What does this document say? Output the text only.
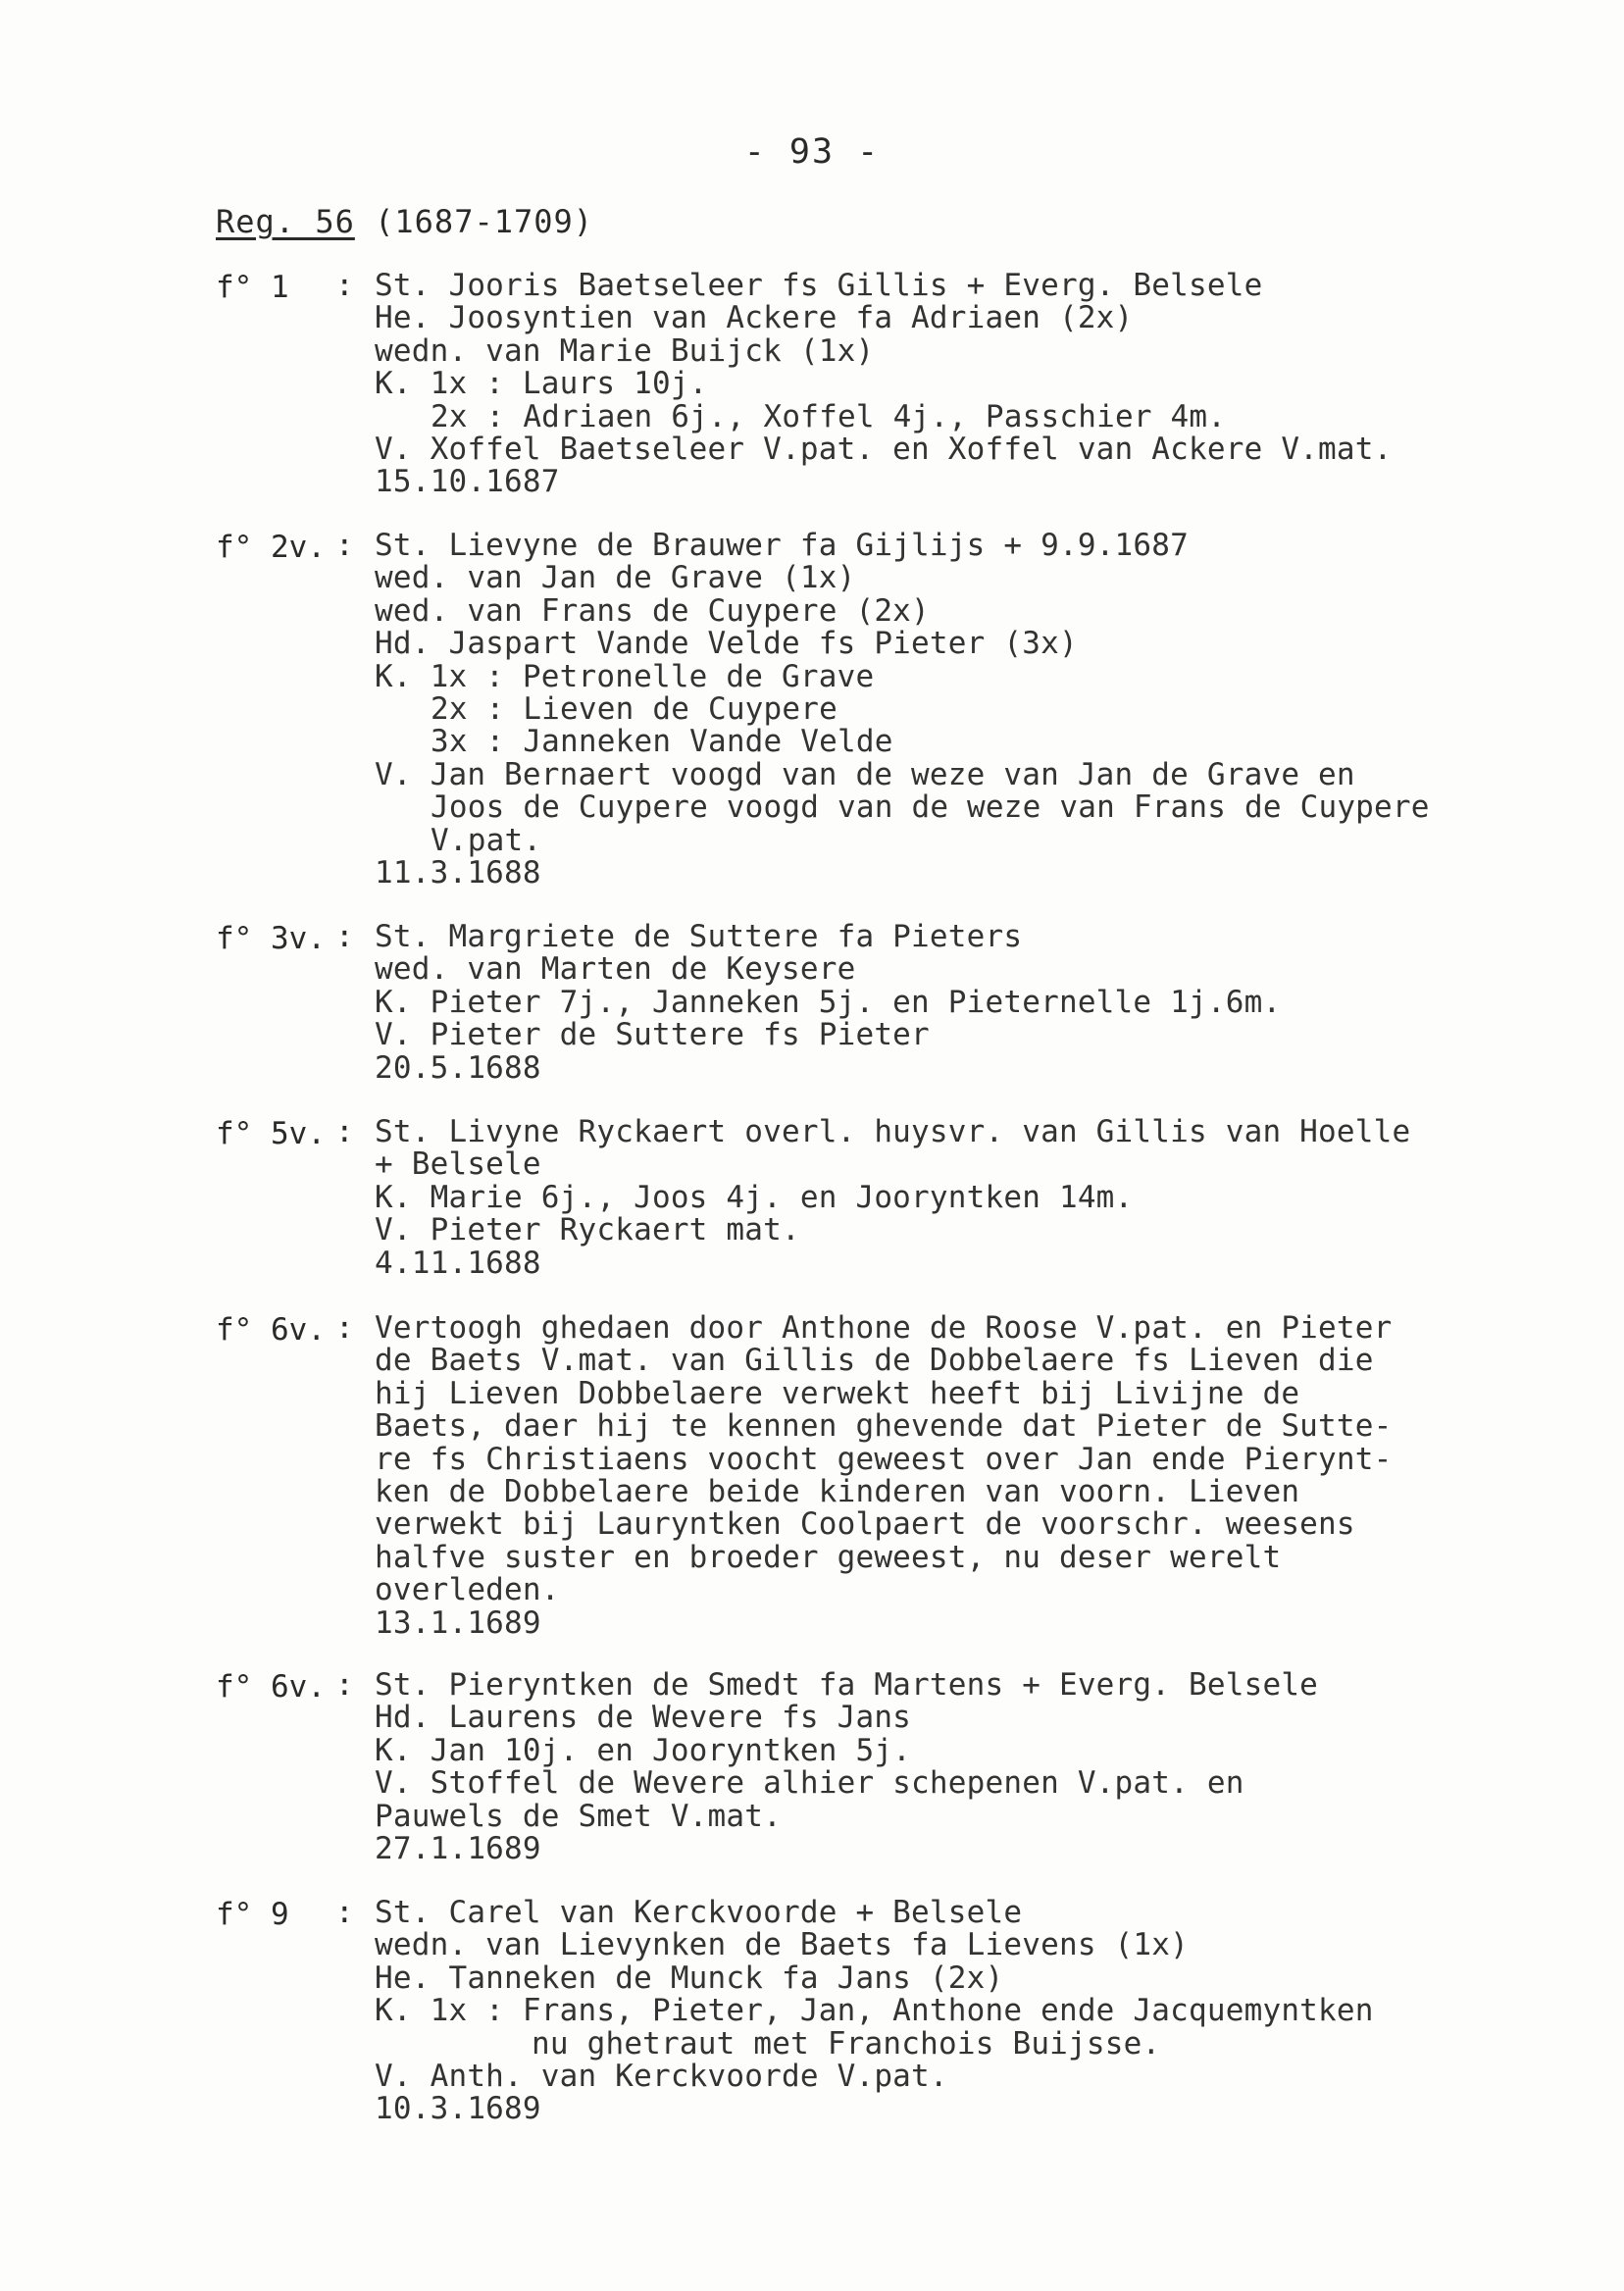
- 93 -
Reg. 56 (1687-1709)
f° 1 : St. Jooris Baetseleer fs Gillis + Everg. Belsele
He. Joosyntien van Ackere fa Adriaen (2x)
wedn. van Marie Buijck (1x)
K. 1x : Laurs 10j.
2x : Adriaen 6j., Xoffel 4j., Passchier 4m.
V. Xoffel Baetseleer V.pat. en Xoffel van Ackere V.mat.
15.10.1687
f° 2v. : St. Lievyne de Brauwer fa Gijlijs + 9.9.1687
wed. van Jan de Grave (1x)
wed. van Frans de Cuypere (2x)
Hd. Jaspart Vande Velde fs Pieter (3x)
K. 1x : Petronelle de Grave
2x : Lieven de Cuypere
3x : Janneken Vande Velde
V. Jan Bernaert voogd van de weze van Jan de Grave en
Joos de Cuypere voogd van de weze van Frans de Cuypere
V.pat.
11.3.1688
f° 3v. : St. Margriete de Suttere fa Pieters
wed. van Marten de Keysere
K. Pieter 7j., Janneken 5j. en Pieternelle 1j.6m.
V. Pieter de Suttere fs Pieter
20.5.1688
f° 5v. : St. Livyne Ryckaert overl. huysvr. van Gillis van Hoelle
+ Belsele
K. Marie 6j., Joos 4j. en Jooryntken 14m.
V. Pieter Ryckaert mat.
4.11.1688
f° 6v. : Vertoogh ghedaen door Anthone de Roose V.pat. en Pieter
de Baets V.mat. van Gillis de Dobbelaere fs Lieven die
hij Lieven Dobbelaere verwekt heeft bij Livijne de
Baets, daer hij te kennen ghevende dat Pieter de Sutte-
re fs Christiaens voocht geweest over Jan ende Pierynt-
ken de Dobbelaere beide kinderen van voorn. Lieven
verwekt bij Lauryntken Coolpaert de voorschr. weesens
halfve suster en broeder geweest, nu deser werelt
overleden.
13.1.1689
f° 6v. : St. Pieryntken de Smedt fa Martens + Everg. Belsele
Hd. Laurens de Wevere fs Jans
K. Jan 10j. en Jooryntken 5j.
V. Stoffel de Wevere alhier schepenen V.pat. en
Pauwels de Smet V.mat.
27.1.1689
f° 9 : St. Carel van Kerckvoorde + Belsele
wedn. van Lievynken de Baets fa Lievens (1x)
He. Tanneken de Munck fa Jans (2x)
K. 1x : Frans, Pieter, Jan, Anthone ende Jacquemyntken
nu ghetraut met Franchois Buijsse.
V. Anth. van Kerckvoorde V.pat.
10.3.1689
